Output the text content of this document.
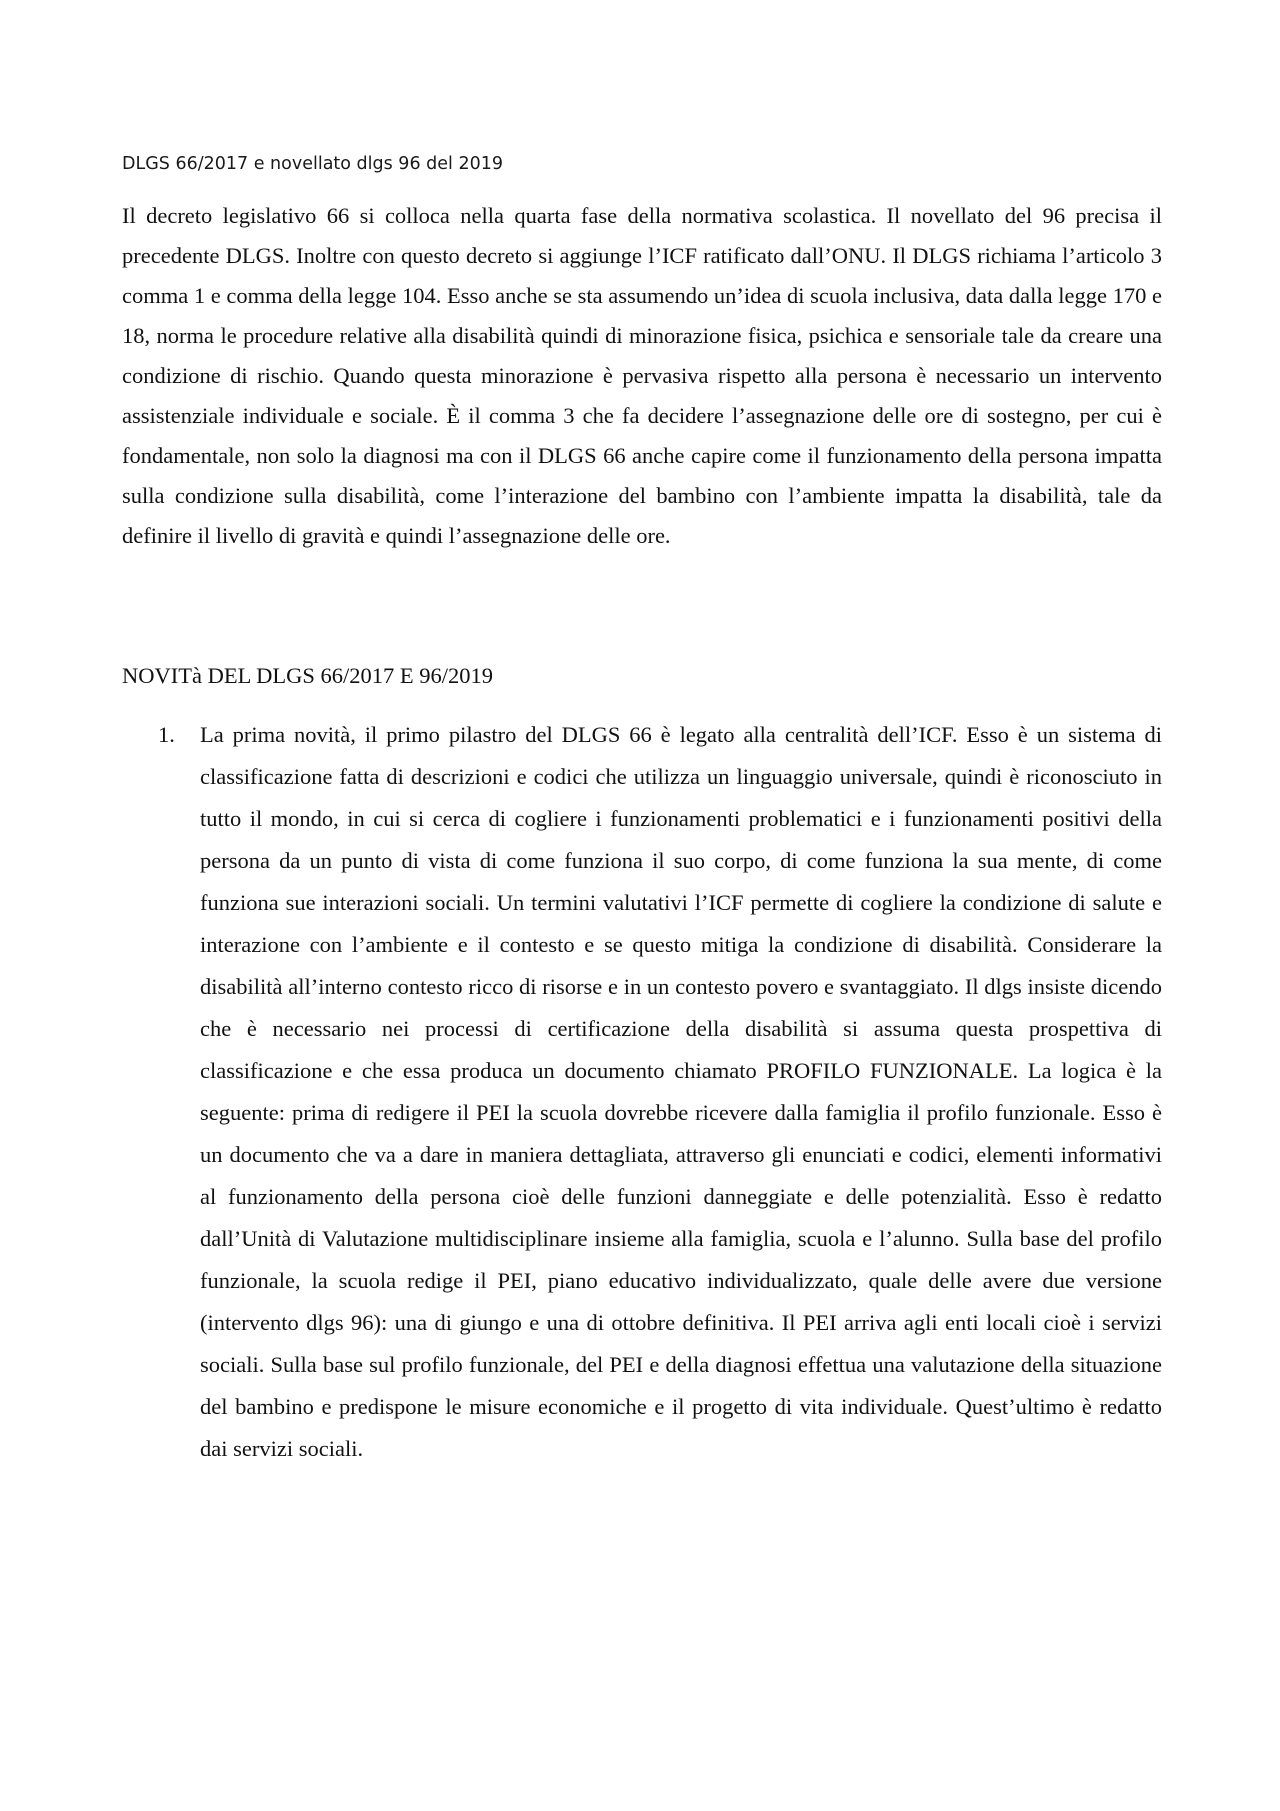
DLGS 66/2017 e novellato dlgs 96 del 2019

Il decreto legislativo 66 si colloca nella quarta fase della normativa scolastica. Il novellato del 96 precisa il precedente DLGS. Inoltre con questo decreto si aggiunge l’ICF ratificato dall’ONU. Il DLGS richiama l’articolo 3 comma 1 e comma della legge 104. Esso anche se sta assumendo un’idea di scuola inclusiva, data dalla legge 170 e 18, norma le procedure relative alla disabilità quindi di minorazione fisica, psichica e sensoriale tale da creare una condizione di rischio. Quando questa minorazione è pervasiva rispetto alla persona è necessario un intervento assistenziale individuale e sociale. È il comma 3 che fa decidere l’assegnazione delle ore di sostegno, per cui è fondamentale, non solo la diagnosi ma con il DLGS 66 anche capire come il funzionamento della persona impatta sulla condizione sulla disabilità, come l’interazione del bambino con l’ambiente impatta la disabilità, tale da definire il livello di gravità e quindi l’assegnazione delle ore.

NOVITà DEL DLGS 66/2017 E 96/2019

1. La prima novità, il primo pilastro del DLGS 66 è legato alla centralità dell’ICF. Esso è un sistema di classificazione fatta di descrizioni e codici che utilizza un linguaggio universale, quindi è riconosciuto in tutto il mondo, in cui si cerca di cogliere i funzionamenti problematici e i funzionamenti positivi della persona da un punto di vista di come funziona il suo corpo, di come funziona la sua mente, di come funziona sue interazioni sociali. Un termini valutativi l’ICF permette di cogliere la condizione di salute e interazione con l’ambiente e il contesto e se questo mitiga la condizione di disabilità. Considerare la disabilità all’interno contesto ricco di risorse e in un contesto povero e svantaggiato. Il dlgs insiste dicendo che è necessario nei processi di certificazione della disabilità si assuma questa prospettiva di classificazione e che essa produca un documento chiamato PROFILO FUNZIONALE. La logica è la seguente: prima di redigere il PEI la scuola dovrebbe ricevere dalla famiglia il profilo funzionale. Esso è un documento che va a dare in maniera dettagliata, attraverso gli enunciati e codici, elementi informativi al funzionamento della persona cioè delle funzioni danneggiate e delle potenzialità. Esso è redatto dall’Unità di Valutazione multidisciplinare insieme alla famiglia, scuola e l’alunno. Sulla base del profilo funzionale, la scuola redige il PEI, piano educativo individualizzato, quale delle avere due versione (intervento dlgs 96): una di giungo e una di ottobre definitiva. Il PEI arriva agli enti locali cioè i servizi sociali. Sulla base sul profilo funzionale, del PEI e della diagnosi effettua una valutazione della situazione del bambino e predispone le misure economiche e il progetto di vita individuale. Quest’ultimo è redatto dai servizi sociali.
